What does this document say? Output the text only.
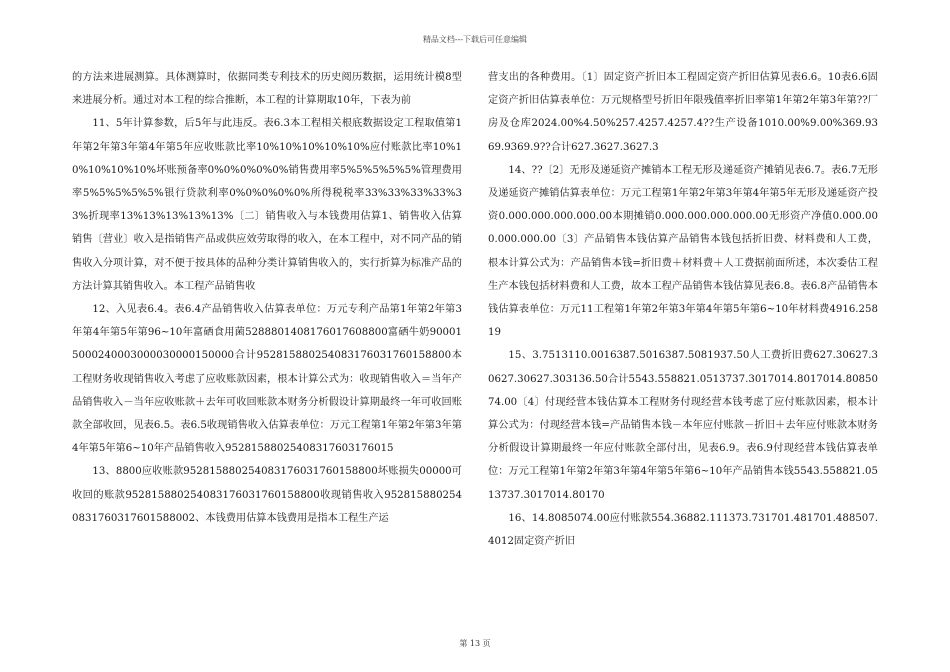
精品文档---下载后可任意编辑

的方法来进展测算。具体测算时，依据同类专利技术的历史阅历数据，运用统计模8型来进展分析。通过对本工程的综合推断，本工程的计算期取10年，下表为前

11、5年计算参数，后5年与此违反。表6.3本工程相关根底数据设定工程取值第1年第2年第3年第4年第5年应收账款比率10%10%10%10%10%应付账款比率10%10%10%10%10%坏账预备率0%0%0%0%0%销售费用率5%5%5%5%5%管理费用率5%5%5%5%5%银行贷款利率0%0%0%0%0%所得税税率33%33%33%33%33%折现率13%13%13%13%13%〔二〕销售收入与本钱费用估算1、销售收入估算销售〔营业〕收入是指销售产品或供应效劳取得的收入，在本工程中，对不同产品的销售收入分项计算，对不便于按具体的品种分类计算销售收入的，实行折算为标准产品的方法计算其销售收入。本工程产品销售收

12、入见表6.4。表6.4产品销售收入估算表单位：万元专利产品第1年第2年第3年第4年第5年第96~10年富硒食用菌528880140817601760880​0富硒牛奶900015000240003000030000150000合计952815880254083176031760158800本工程财务收现销售收入考虑了应收账款因素，根本计算公式为：收现销售收入＝当年产品销售收入－当年应收账款＋去年可收回账款本财务分析假设计算期最终一年可收回账款全部收回，见表6.5。表6.5收现销售收入估算表单位：万元工程第1年第2年第3年第4年第5年第6~10年产品销售收入952815880254083176031760​15

13、8800应收账款952815880254083176031760158800坏账损失00000可收回的账款952815880254083176031760158800收现销售收入9528158802540831760317601588002、本钱费用估算本钱费用是指本工程生产运

营支出的各种费用。〔1〕固定资产折旧本工程固定资产折旧估算见表6.6。10表6.6固定资产折旧估算表单位：万元规格型号折旧年限残值率折旧率第1年第2年第3年第??厂房及仓库2024.00%4.50%257.4257.4257.4??生产设备1010.00%9.00%369.9369.9369.9??合计627.3627.3627.3

14、??〔2〕无形及递延资产摊销本工程无形及递延资产摊销见表6.7。表6.7无形及递延资产摊销估算表单位：万元工程第1年第2年第3年第4年第5年无形及递延资产投资0.000.000.000.000.00本期摊销0.000.000.000.000.00无形资产净值0.000.000.000.000.00〔3〕产品销售本钱估算产品销售本钱包括折旧费、材料费和人工费，根本计算公式为：产品销售本钱=折旧费＋材料费＋人工费据前面所述，本次委估工程生产本钱包括材料费和人工费，故本工程产品销售本钱估算见表6.8。表6.8产品销售本钱估算表单位：万元11工程第1年第2年第3年第4年第5年第6~10年材料费4916.25819

15、3.7513110.0016387.5016387.5081937.50人工费折旧费627.30627.30627.30627.303136.50合计5543.558821.0513737.3017014.8017014.8085074.00〔4〕付现经营本钱估算本工程财务付现经营本钱考虑了应付账款因素，根本计算公式为：付现经营本钱=产品销售本钱－本年应付账款－折旧＋去年应付账款本财务分析假设计算期最终一年应付账款全部付出，见表6.9。表6.9付现经营本钱估算表单位：万元工程第1年第2年第3年第4年第5年第6~10年产品销售本钱5543.558821.0513737.3017014.80170

16、14.8085074.00应付账款554.36882.111373.731701.481701.488507.4012固定资产折旧

第 13 页
